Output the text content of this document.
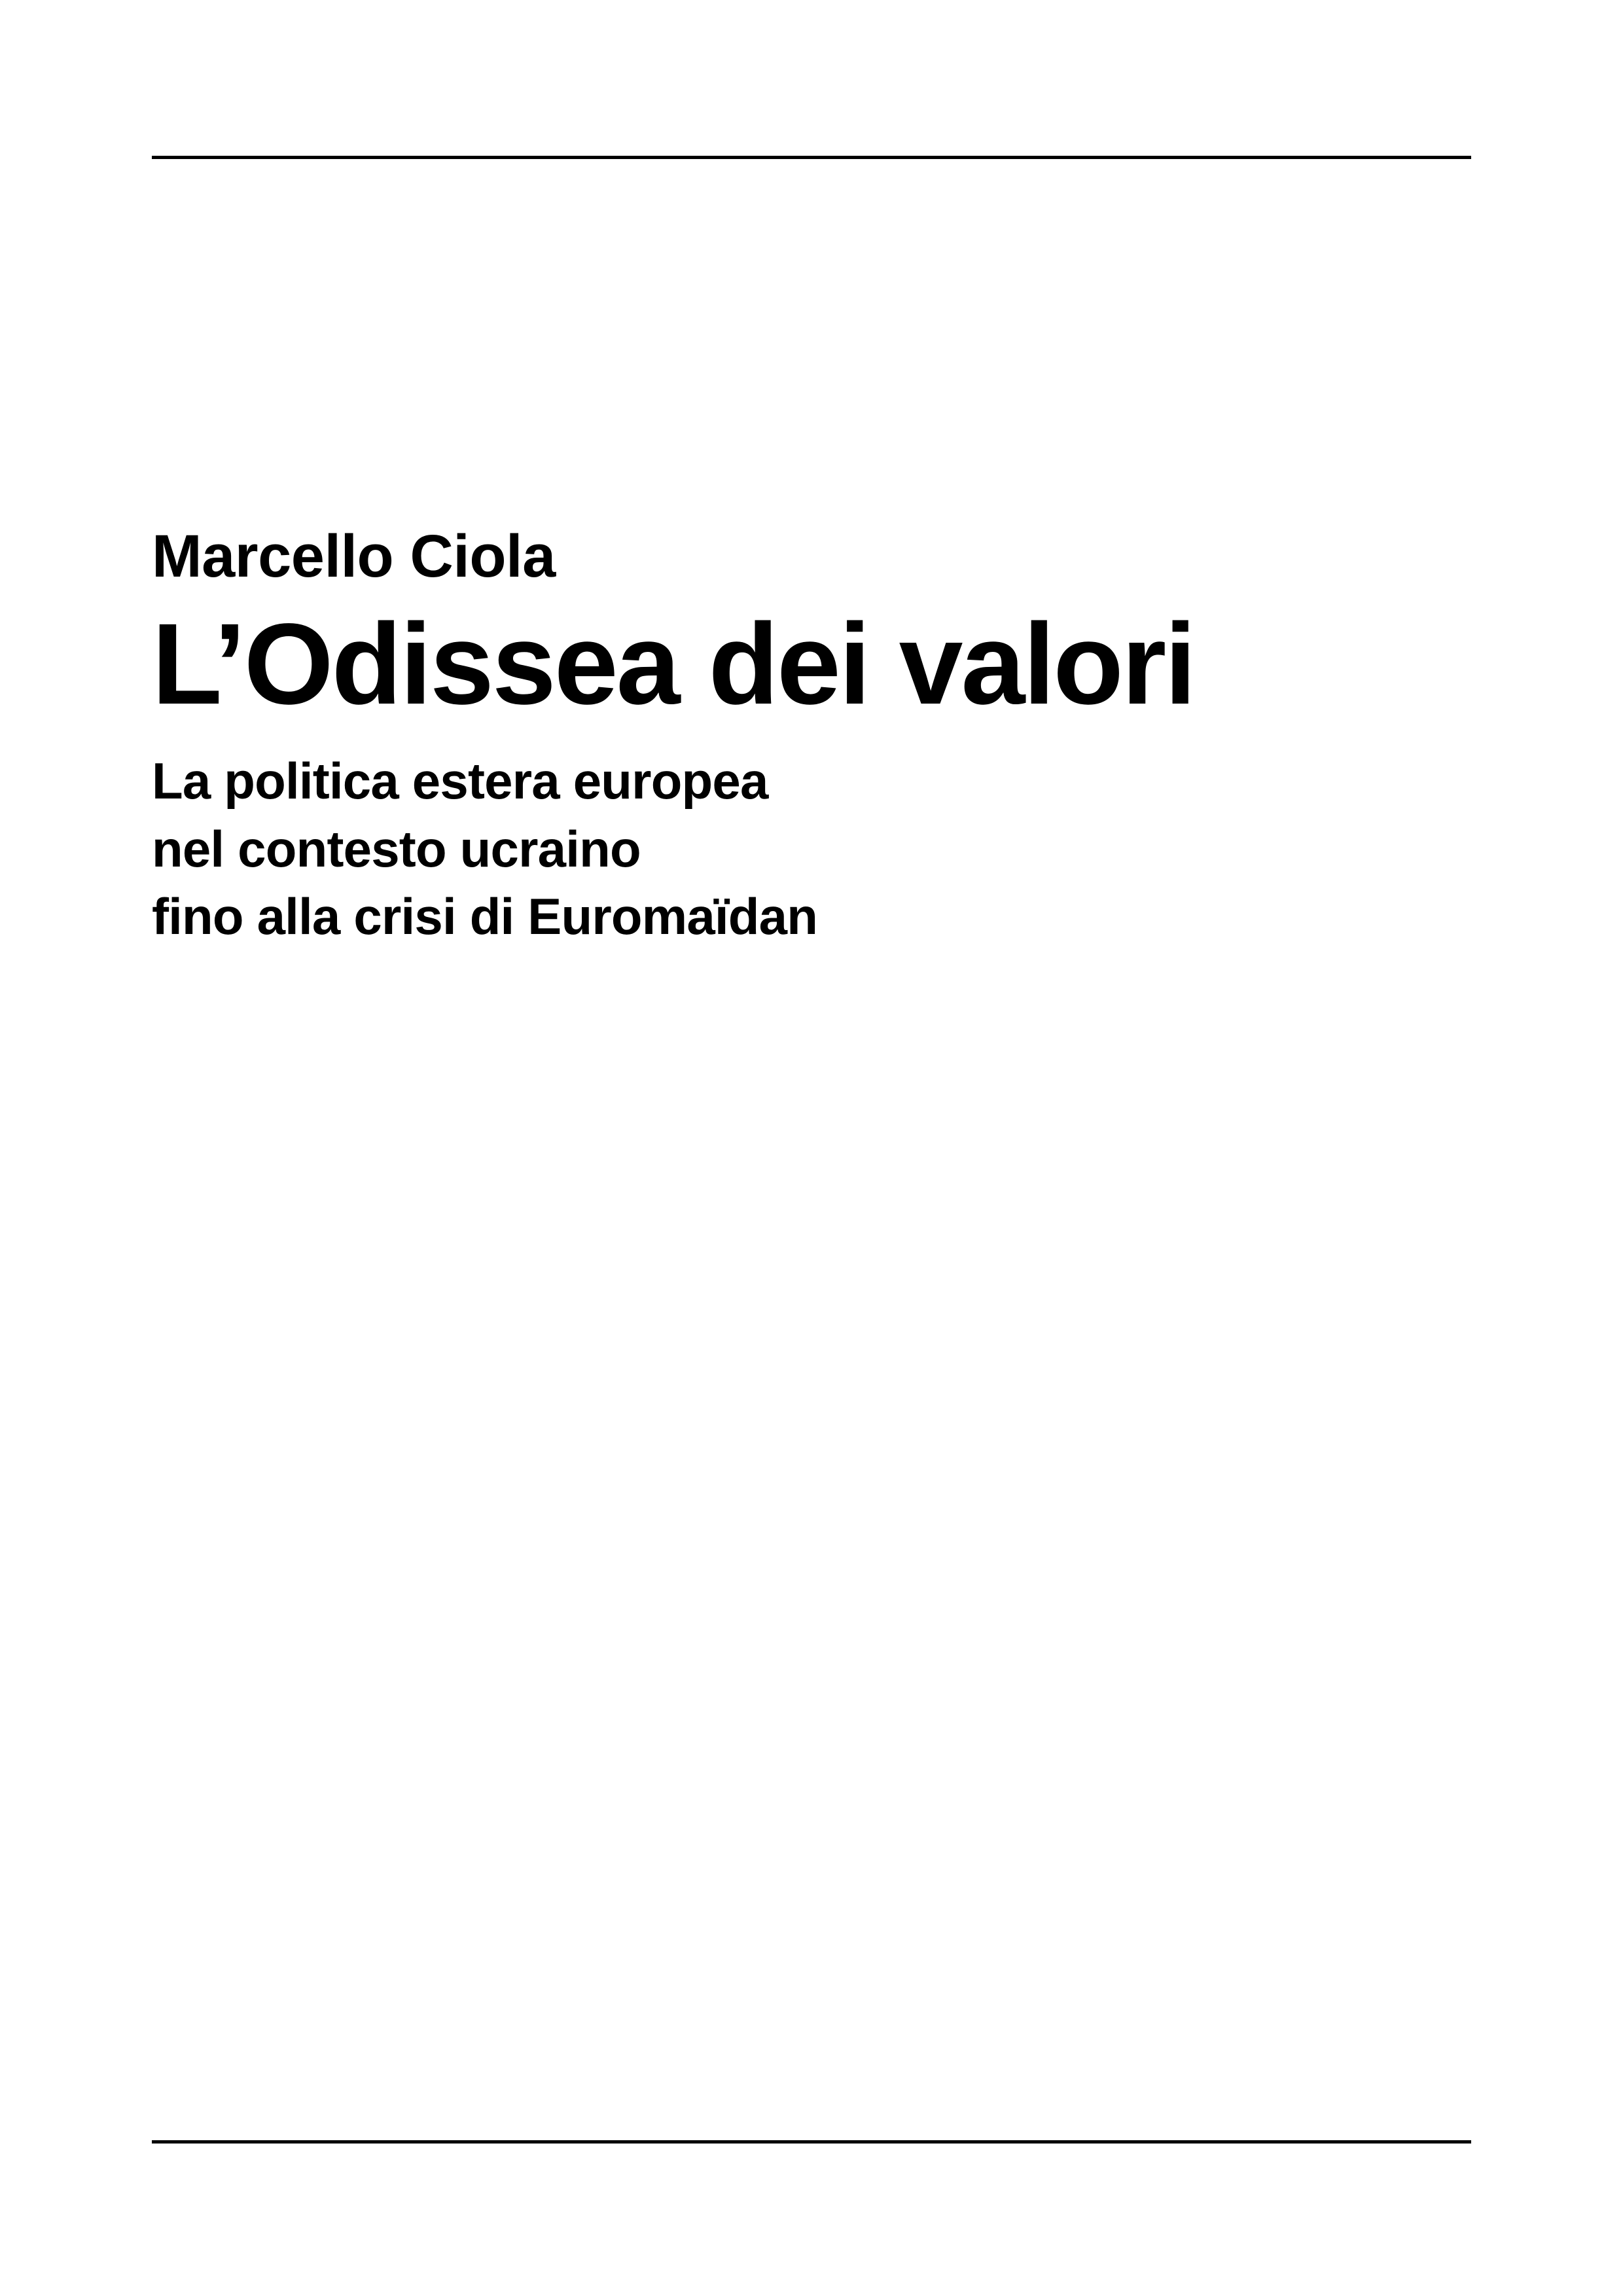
Marcello Ciola

L’Odissea dei valori
La politica estera europea
nel contesto ucraino
fino alla crisi di Euromaïdan
